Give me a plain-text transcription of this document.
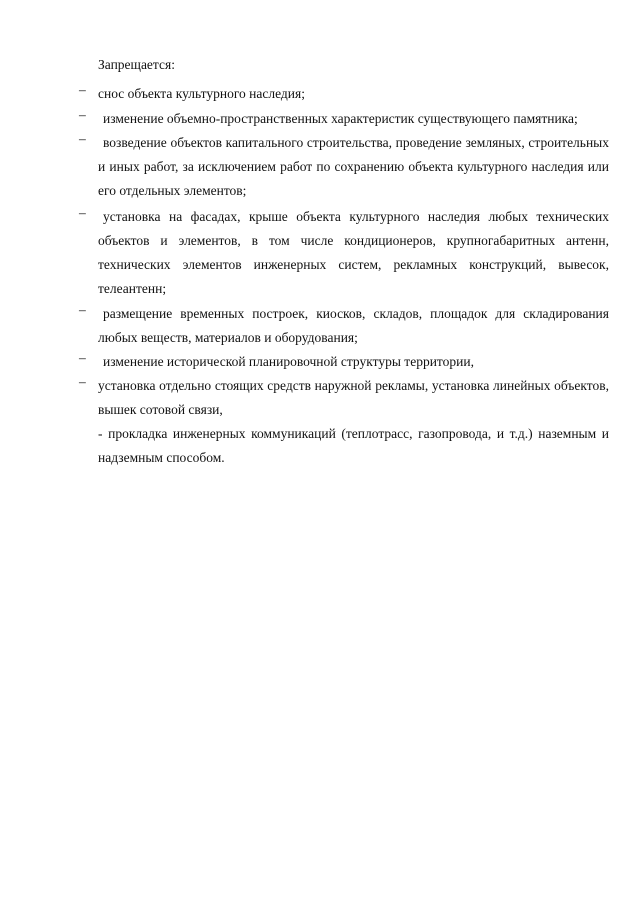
Запрещается:
– снос объекта культурного наследия;
–	изменение объемно-пространственных характеристик существующего памятника;
–	возведение объектов капитального строительства, проведение земляных, строительных и иных работ, за исключением работ по сохранению объекта культурного наследия или его отдельных элементов;
–	установка на фасадах, крыше объекта культурного наследия любых технических объектов и элементов, в том числе кондиционеров, крупногабаритных антенн, технических элементов инженерных систем, рекламных конструкций, вывесок, телеантенн;
–	размещение временных построек, киосков, складов, площадок для складирования любых веществ, материалов и оборудования;
–	изменение исторической планировочной структуры территории,
– установка отдельно стоящих средств наружной рекламы, установка линейных объектов, вышек сотовой связи,
- прокладка инженерных коммуникаций (теплотрасс, газопровода, и т.д.) наземным и надземным способом.
